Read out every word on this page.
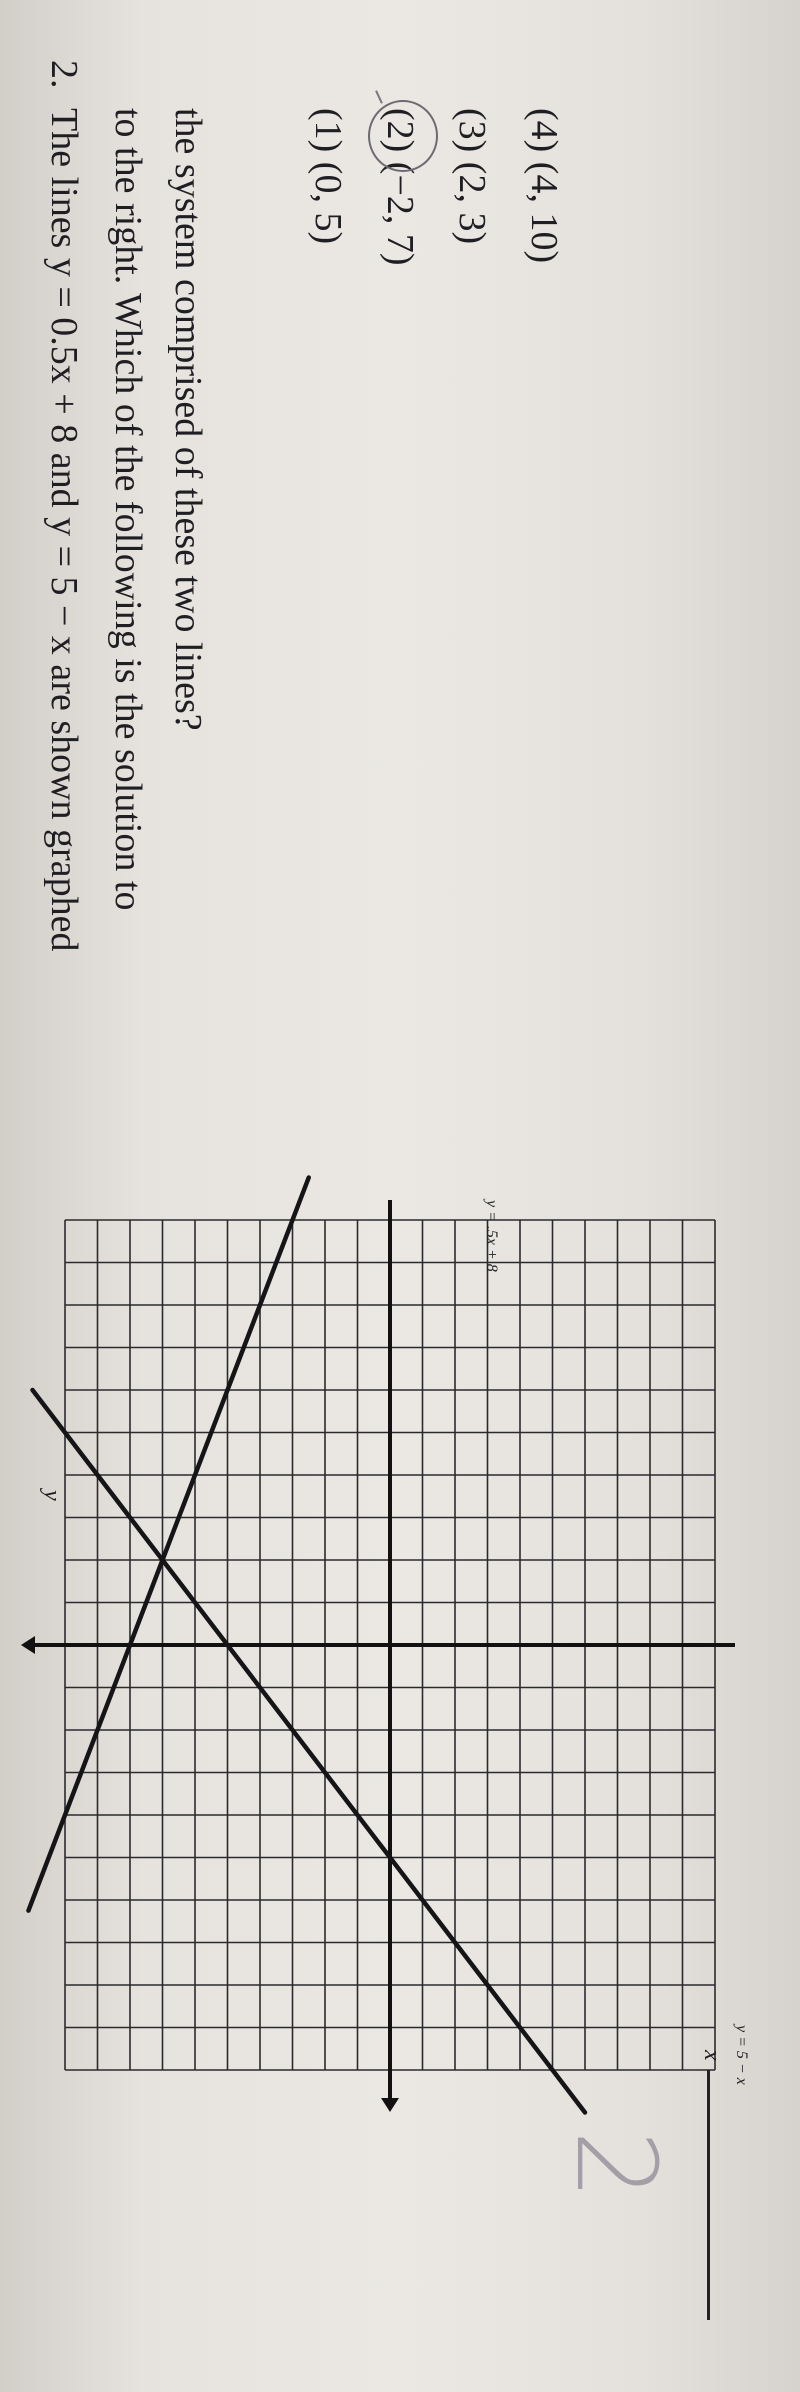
2.
The lines y = 0.5x + 8 and y = 5 − x are shown graphed to the right. Which of the following is the solution to the system comprised of these two lines?	(1) (0, 5) (2) (−2, 7) (3) (2, 3) (4) (4, 10)
y = .5x + 8
y = 5 − x
y
x
2
